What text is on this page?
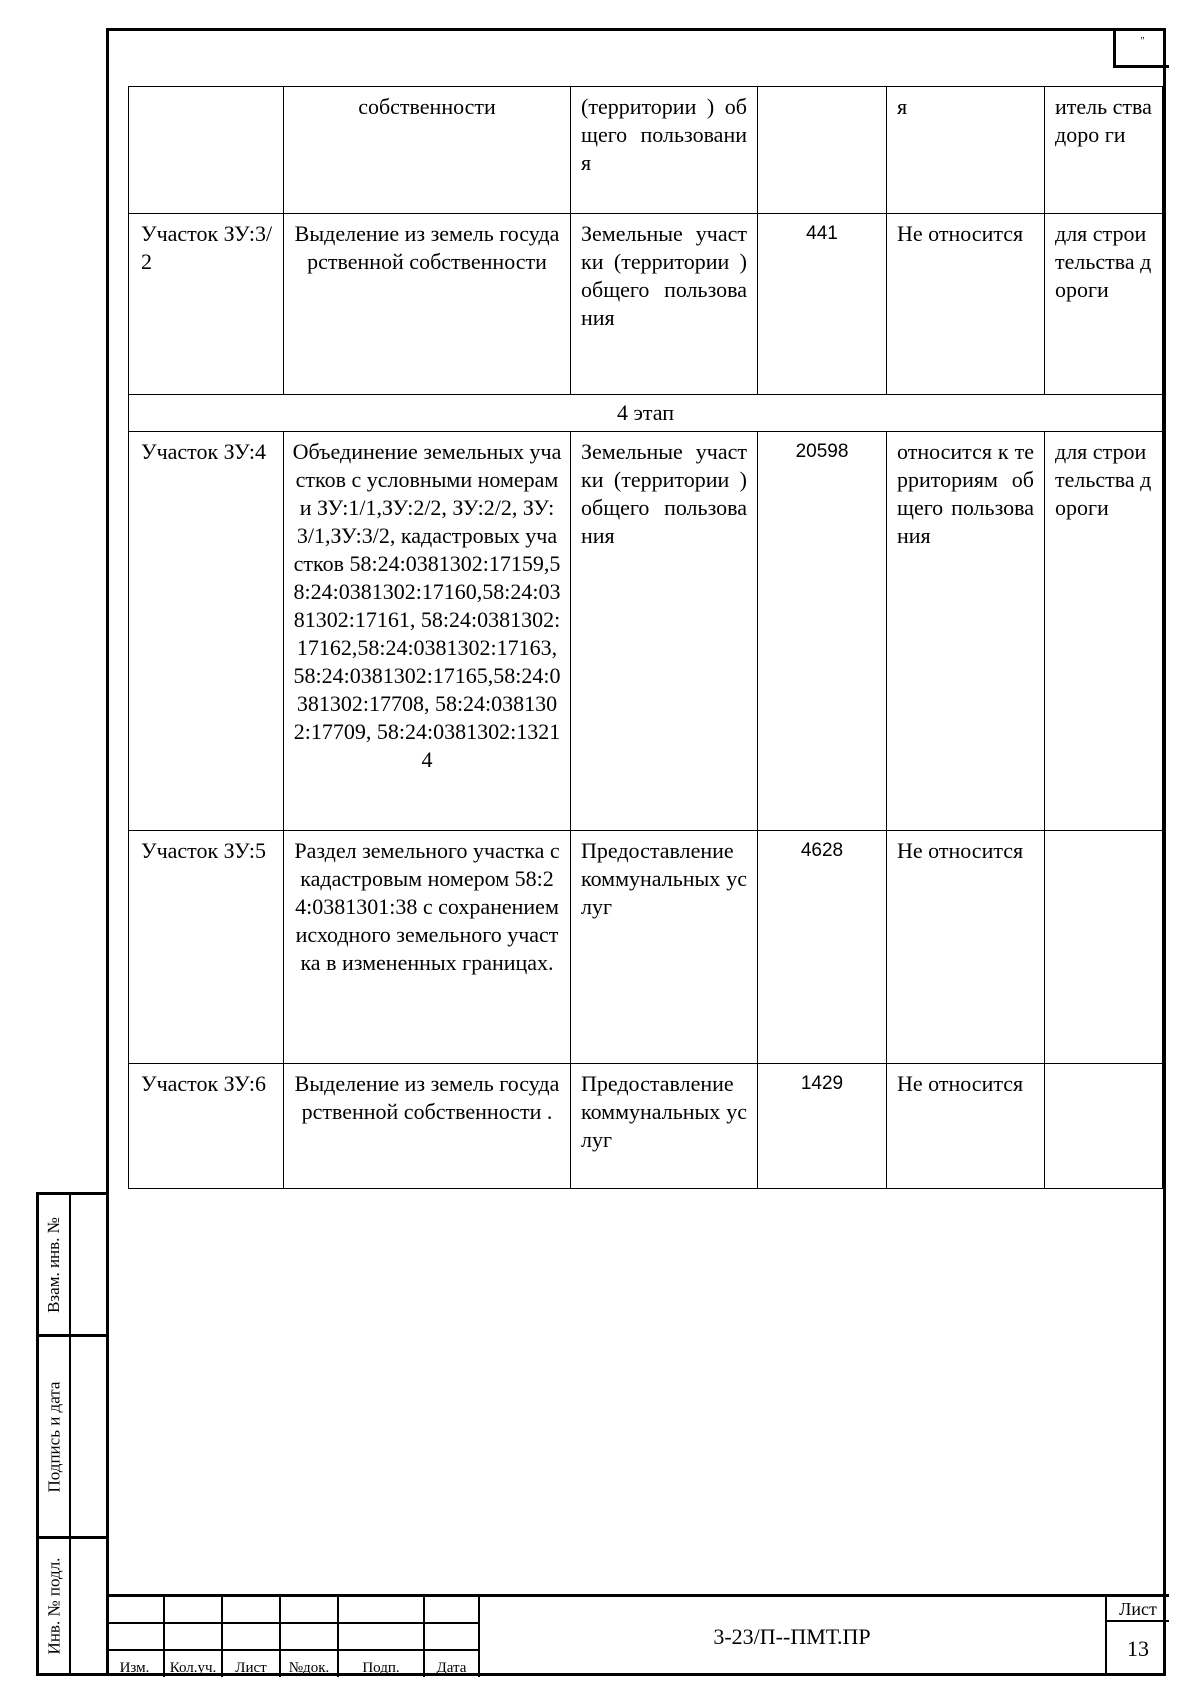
"
	собственности	(территории ) общего пользования		я	итель ства доро ги
Участок ЗУ:3/2	Выделение из земель государственной собственности	Земельные участки (территории ) общего пользования	441	Не относится	для строительства дороги
4 этап					
Участок ЗУ:4	Объединение земельных участков с условными номерами ЗУ:1/1,ЗУ:2/2, ЗУ:2/2, ЗУ:3/1,ЗУ:3/2, кадастровых участков 58:24:0381302:17159,58:24:0381302:17160,58:24:0381302:17161, 58:24:0381302:17162,58:24:0381302:17163,58:24:0381302:17165,58:24:0381302:17708, 58:24:0381302:17709, 58:24:0381302:13214	Земельные участки (территории ) общего пользования	20598	относится к территориям общего пользования	для строительства дороги
Участок ЗУ:5	Раздел земельного участка с кадастровым номером 58:24:0381301:38 с сохранением исходного земельного участка в измененных границах.	Предоставление коммунальных услуг	4628	Не относится	
Участок ЗУ:6	Выделение из земель государственной собственности .	Предоставление коммунальных услуг	1429	Не относится	
Взам. инв. №
Подпись и дата
Инв. № подл.

Изм.	Кол.уч.	Лист	№док.	Подп.	Дата
3-23/П--ПМТ.ПР
Лист
13
